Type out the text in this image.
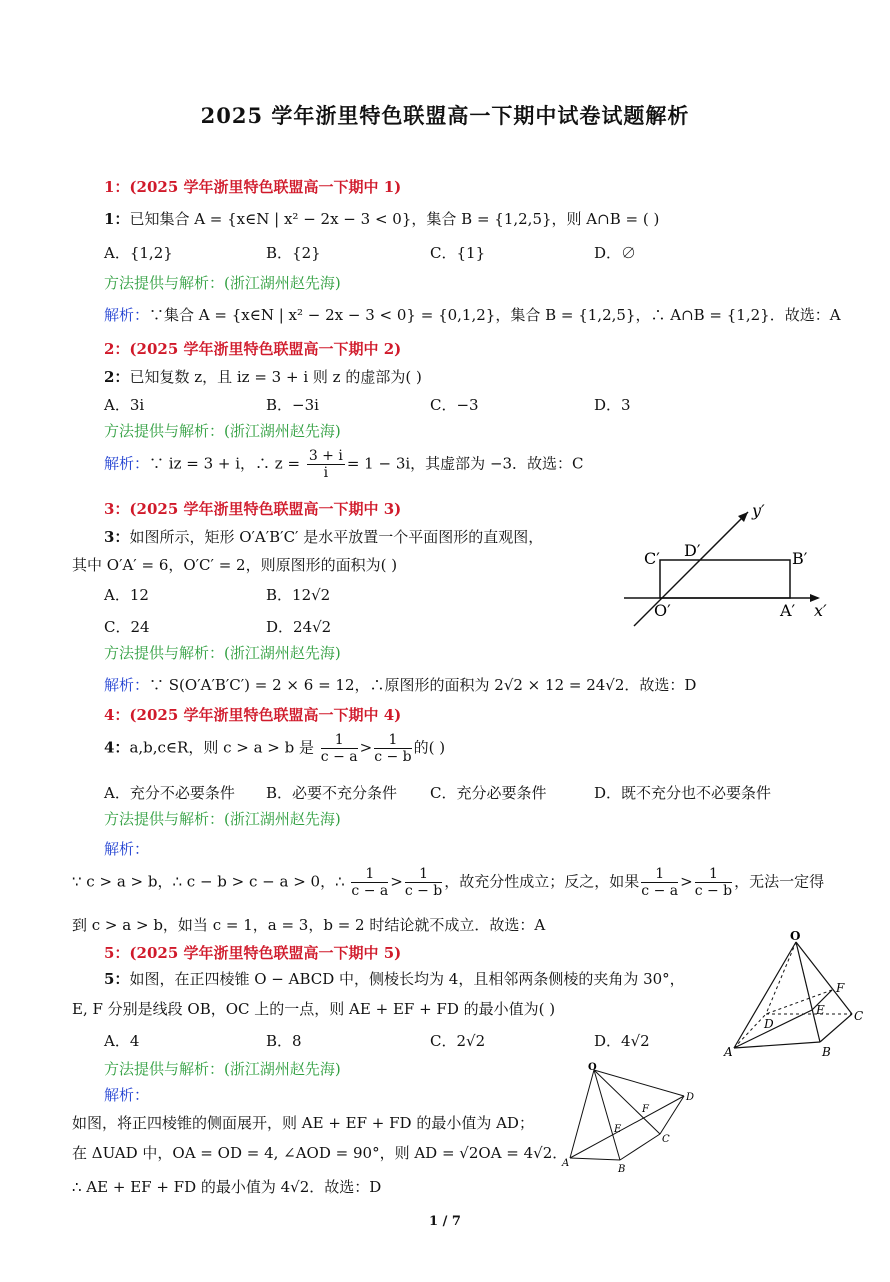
2025 学年浙里特色联盟高一下期中试卷试题解析
1：(2025 学年浙里特色联盟高一下期中 1)
1：已知集合 A = {x∈N | x² − 2x − 3 < 0}，集合 B = {1,2,5}，则 A∩B = ( )
A．{1,2}	B．{2}	C．{1}	D．∅
方法提供与解析：(浙江湖州赵先海)
解析：∵集合 A = {x∈N | x² − 2x − 3 < 0} = {0,1,2}，集合 B = {1,2,5}，∴ A∩B = {1,2}．故选：A
2：(2025 学年浙里特色联盟高一下期中 2)
2：已知复数 z，且 iz = 3 + i 则 z 的虚部为( )
A．3i	B．−3i	C．−3	D．3
方法提供与解析：(浙江湖州赵先海)
解析：∵ iz = 3 + i，∴ $z = \frac{3 + i}{i} = 1 - 3i$，其虚部为 −3．故选：C
3：(2025 学年浙里特色联盟高一下期中 3)
3：如图所示，矩形 O′A′B′C′ 是水平放置一个平面图形的直观图，
其中 O′A′ = 6，O′C′ = 2，则原图形的面积为( )
A．12	B．12√2
C．24	D．24√2
方法提供与解析：(浙江湖州赵先海)
解析：∵ S(O′A′B′C′) = 2 × 6 = 12，∴原图形的面积为 2√2 × 12 = 24√2．故选：D
C′ D′	B′
O′	A′ x′
y′
4：(2025 学年浙里特色联盟高一下期中 4)
4：a,b,c∈R，则 c > a > b 是 $\frac{1}{c - a} > \frac{1}{c - b}$ 的( )
A．充分不必要条件 B．必要不充分条件 C．充分必要条件	D．既不充分也不必要条件
方法提供与解析：(浙江湖州赵先海)
解析：
∵ c > a > b，∴ c − b > c − a > 0，∴ $\frac{1}{c - a} > \frac{1}{c - b}$ ，故充分性成立；反之，如果 $\frac{1}{c - a} > \frac{1}{c - b}$ ，无法一定得
到 c > a > b，如当 c = 1，a = 3，b = 2 时结论就不成立．故选：A
5：(2025 学年浙里特色联盟高一下期中 5)
5：如图，在正四棱锥 O − ABCD 中，侧棱长均为 4，且相邻两条侧棱的夹角为 30°，
E, F 分别是线段 OB，OC 上的一点，则 AE + EF + FD 的最小值为( )
A．4	B．8	C．2√2	D．4√2
方法提供与解析：(浙江湖州赵先海)
解析：
如图，将正四棱锥的侧面展开，则 AE + EF + FD 的最小值为 AD；
在 ΔUAD 中，OA = OD = 4, ∠AOD = 90°，则 AD = √2OA = 4√2．
∴ AE + EF + FD 的最小值为 4√2．故选：D
O
F
D
E C
A	B
O
D
F
E
C
A
B
1 / 7
